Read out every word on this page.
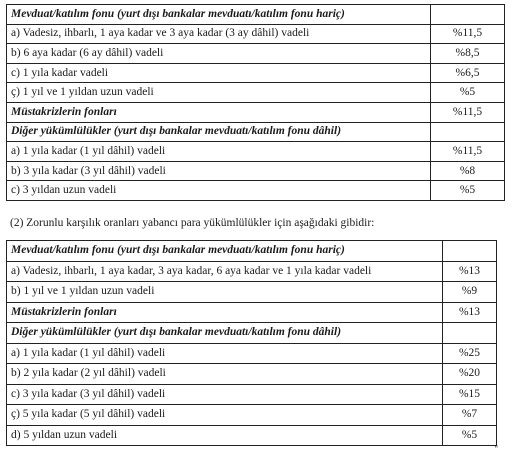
Mevduat/katılım fonu (yurt dışı bankalar mevduatı/katılım fonu hariç)	
a) Vadesiz, ihbarlı, 1 aya kadar ve 3 aya kadar (3 ay dâhil) vadeli	%11,5
b) 6 aya kadar (6 ay dâhil) vadeli	%8,5
c) 1 yıla kadar vadeli	%6,5
ç) 1 yıl ve 1 yıldan uzun vadeli	%5
Müstakrizlerin fonları	%11,5
Diğer yükümlülükler (yurt dışı bankalar mevduatı/katılım fonu dâhil)	
a) 1 yıla kadar (1 yıl dâhil) vadeli	%11,5
b) 3 yıla kadar (3 yıl dâhil) vadeli	%8
c) 3 yıldan uzun vadeli	%5
(2) Zorunlu karşılık oranları yabancı para yükümlülükler için aşağıdaki gibidir:
Mevduat/katılım fonu (yurt dışı bankalar mevduatı/katılım fonu hariç)	
a) Vadesiz, ihbarlı, 1 aya kadar, 3 aya kadar, 6 aya kadar ve 1 yıla kadar vadeli	%13
b) 1 yıl ve 1 yıldan uzun vadeli	%9
Müstakrizlerin fonları	%13
Diğer yükümlülükler (yurt dışı bankalar mevduatı/katılım fonu dâhil)	
a) 1 yıla kadar (1 yıl dâhil) vadeli	%25
b) 2 yıla kadar (2 yıl dâhil) vadeli	%20
c) 3 yıla kadar (3 yıl dâhil) vadeli	%15
ç) 5 yıla kadar (5 yıl dâhil) vadeli	%7
d) 5 yıldan uzun vadeli	%5
"
